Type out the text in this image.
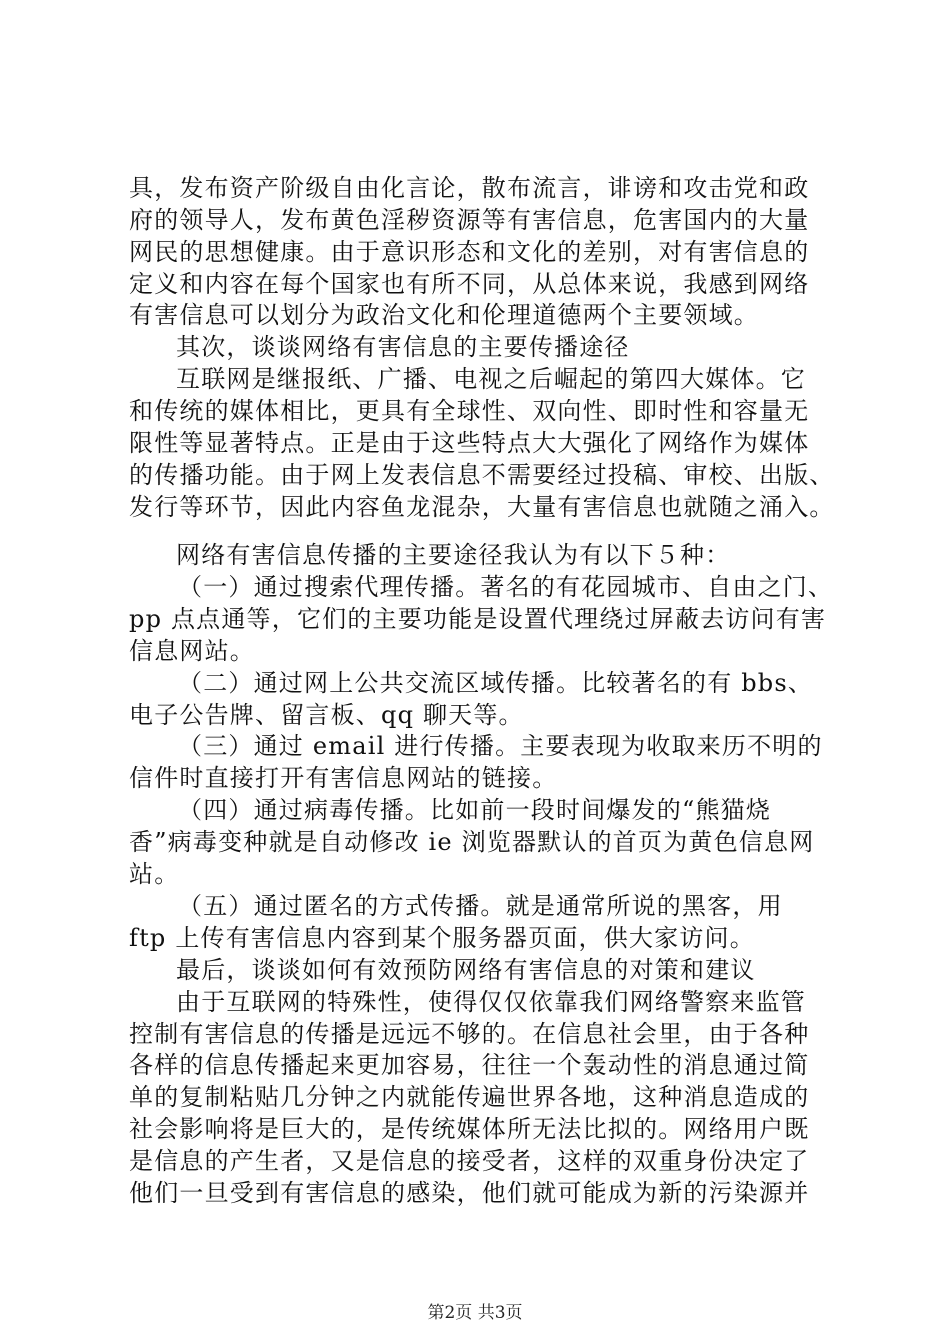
具，发布资产阶级自由化言论，散布流言，诽谤和攻击党和政
府的领导人，发布黄色淫秽资源等有害信息，危害国内的大量
网民的思想健康。由于意识形态和文化的差别，对有害信息的
定义和内容在每个国家也有所不同，从总体来说，我感到网络
有害信息可以划分为政治文化和伦理道德两个主要领域。
其次，谈谈网络有害信息的主要传播途径
互联网是继报纸、广播、电视之后崛起的第四大媒体。它
和传统的媒体相比，更具有全球性、双向性、即时性和容量无
限性等显著特点。正是由于这些特点大大强化了网络作为媒体
的传播功能。由于网上发表信息不需要经过投稿、审校、出版、
发行等环节，因此内容鱼龙混杂，大量有害信息也就随之涌入。
网络有害信息传播的主要途径我认为有以下５种：
（一）通过搜索代理传播。著名的有花园城市、自由之门、
pp 点点通等，它们的主要功能是设置代理绕过屏蔽去访问有害
信息网站。
（二）通过网上公共交流区域传播。比较著名的有 bbs、
电子公告牌、留言板、qq 聊天等。
（三）通过 email 进行传播。主要表现为收取来历不明的
信件时直接打开有害信息网站的链接。
（四）通过病毒传播。比如前一段时间爆发的“熊猫烧
香”病毒变种就是自动修改 ie 浏览器默认的首页为黄色信息网
站。
（五）通过匿名的方式传播。就是通常所说的黑客，用
ftp 上传有害信息内容到某个服务器页面，供大家访问。
最后，谈谈如何有效预防网络有害信息的对策和建议
由于互联网的特殊性，使得仅仅依靠我们网络警察来监管
控制有害信息的传播是远远不够的。在信息社会里，由于各种
各样的信息传播起来更加容易，往往一个轰动性的消息通过简
单的复制粘贴几分钟之内就能传遍世界各地，这种消息造成的
社会影响将是巨大的，是传统媒体所无法比拟的。网络用户既
是信息的产生者，又是信息的接受者，这样的双重身份决定了
他们一旦受到有害信息的感染，他们就可能成为新的污染源并
第2页 共3页
